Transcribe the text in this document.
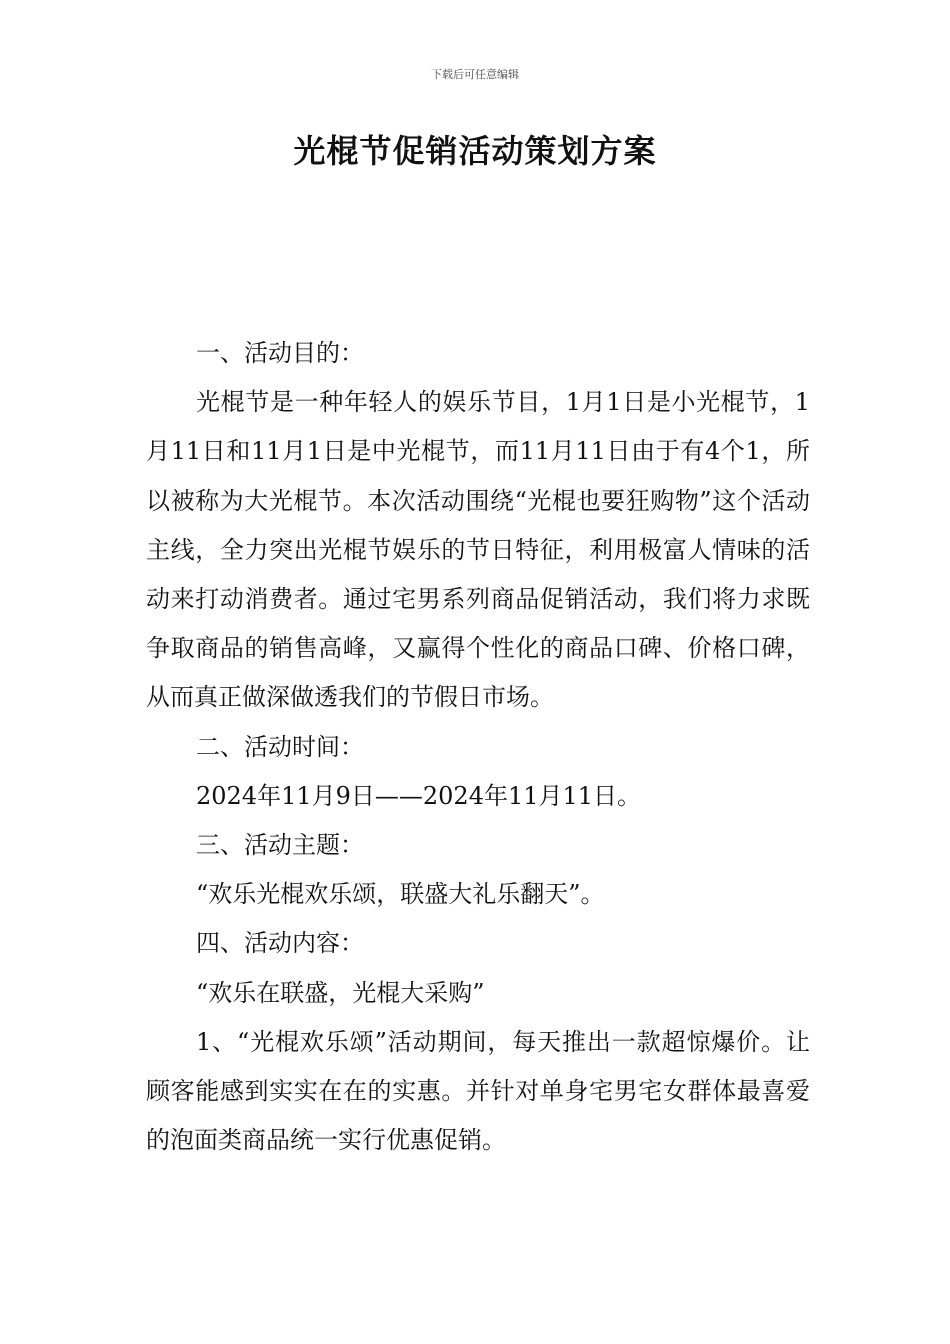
下载后可任意编辑
光棍节促销活动策划方案

一、活动目的：

光棍节是一种年轻人的娱乐节目，1月1日是小光棍节，1月11日和11月1日是中光棍节，而11月11日由于有4个1，所以被称为大光棍节。本次活动围绕“光棍也要狂购物”这个活动主线，全力突出光棍节娱乐的节日特征，利用极富人情味的活动来打动消费者。通过宅男系列商品促销活动，我们将力求既争取商品的销售高峰，又赢得个性化的商品口碑、价格口碑，从而真正做深做透我们的节假日市场。

二、活动时间：

2024年11月9日——2024年11月11日。

三、活动主题：

“欢乐光棍欢乐颂，联盛大礼乐翻天”。

四、活动内容：

“欢乐在联盛，光棍大采购”

1、“光棍欢乐颂”活动期间，每天推出一款超惊爆价。让顾客能感到实实在在的实惠。并针对单身宅男宅女群体最喜爱的泡面类商品统一实行优惠促销。
